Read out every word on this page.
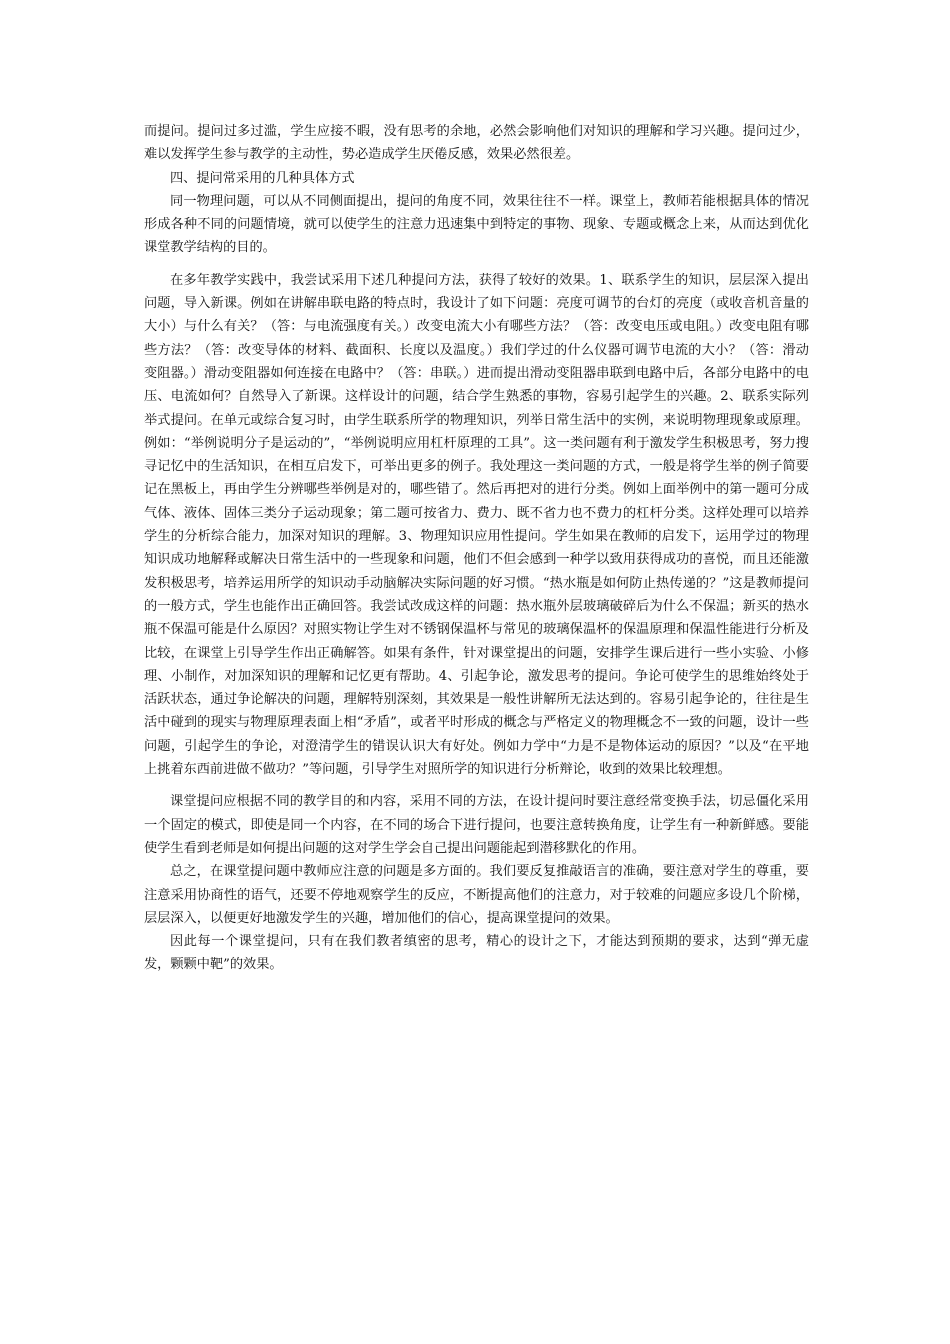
而提问。提问过多过滥，学生应接不暇，没有思考的余地，必然会影响他们对知识的理解和学习兴趣。提问过少，难以发挥学生参与教学的主动性，势必造成学生厌倦反感，效果必然很差。

四、提问常采用的几种具体方式

同一物理问题，可以从不同侧面提出，提问的角度不同，效果往往不一样。课堂上，教师若能根据具体的情况形成各种不同的问题情境，就可以使学生的注意力迅速集中到特定的事物、现象、专题或概念上来，从而达到优化课堂教学结构的目的。

在多年教学实践中，我尝试采用下述几种提问方法，获得了较好的效果。1、联系学生的知识，层层深入提出问题，导入新课。例如在讲解串联电路的特点时，我设计了如下问题：亮度可调节的台灯的亮度（或收音机音量的大小）与什么有关？（答：与电流强度有关。）改变电流大小有哪些方法？（答：改变电压或电阻。）改变电阻有哪些方法？（答：改变导体的材料、截面积、长度以及温度。）我们学过的什么仪器可调节电流的大小？（答：滑动变阻器。）滑动变阻器如何连接在电路中？（答：串联。）进而提出滑动变阻器串联到电路中后，各部分电路中的电压、电流如何？自然导入了新课。这样设计的问题，结合学生熟悉的事物，容易引起学生的兴趣。2、联系实际列举式提问。在单元或综合复习时，由学生联系所学的物理知识，列举日常生活中的实例，来说明物理现象或原理。例如：“举例说明分子是运动的”，“举例说明应用杠杆原理的工具”。这一类问题有利于激发学生积极思考，努力搜寻记忆中的生活知识，在相互启发下，可举出更多的例子。我处理这一类问题的方式，一般是将学生举的例子简要记在黑板上，再由学生分辨哪些举例是对的，哪些错了。然后再把对的进行分类。例如上面举例中的第一题可分成气体、液体、固体三类分子运动现象；第二题可按省力、费力、既不省力也不费力的杠杆分类。这样处理可以培养学生的分析综合能力，加深对知识的理解。3、物理知识应用性提问。学生如果在教师的启发下，运用学过的物理知识成功地解释或解决日常生活中的一些现象和问题，他们不但会感到一种学以致用获得成功的喜悦，而且还能激发积极思考，培养运用所学的知识动手动脑解决实际问题的好习惯。“热水瓶是如何防止热传递的？”这是教师提问的一般方式，学生也能作出正确回答。我尝试改成这样的问题：热水瓶外层玻璃破碎后为什么不保温；新买的热水瓶不保温可能是什么原因？对照实物让学生对不锈钢保温杯与常见的玻璃保温杯的保温原理和保温性能进行分析及比较，在课堂上引导学生作出正确解答。如果有条件，针对课堂提出的问题，安排学生课后进行一些小实验、小修理、小制作，对加深知识的理解和记忆更有帮助。4、引起争论，激发思考的提问。争论可使学生的思维始终处于活跃状态，通过争论解决的问题，理解特别深刻，其效果是一般性讲解所无法达到的。容易引起争论的，往往是生活中碰到的现实与物理原理表面上相“矛盾”，或者平时形成的概念与严格定义的物理概念不一致的问题，设计一些问题，引起学生的争论，对澄清学生的错误认识大有好处。例如力学中“力是不是物体运动的原因？”以及“在平地上挑着东西前进做不做功？”等问题，引导学生对照所学的知识进行分析辩论，收到的效果比较理想。

课堂提问应根据不同的教学目的和内容，采用不同的方法，在设计提问时要注意经常变换手法，切忌僵化采用一个固定的模式，即使是同一个内容，在不同的场合下进行提问，也要注意转换角度，让学生有一种新鲜感。要能使学生看到老师是如何提出问题的这对学生学会自己提出问题能起到潜移默化的作用。

总之，在课堂提问题中教师应注意的问题是多方面的。我们要反复推敲语言的准确，要注意对学生的尊重，要注意采用协商性的语气，还要不停地观察学生的反应，不断提高他们的注意力，对于较难的问题应多设几个阶梯，层层深入，以便更好地激发学生的兴趣，增加他们的信心，提高课堂提问的效果。

因此每一个课堂提问，只有在我们教者缜密的思考，精心的设计之下，才能达到预期的要求，达到“弹无虚发，颗颗中靶”的效果。
